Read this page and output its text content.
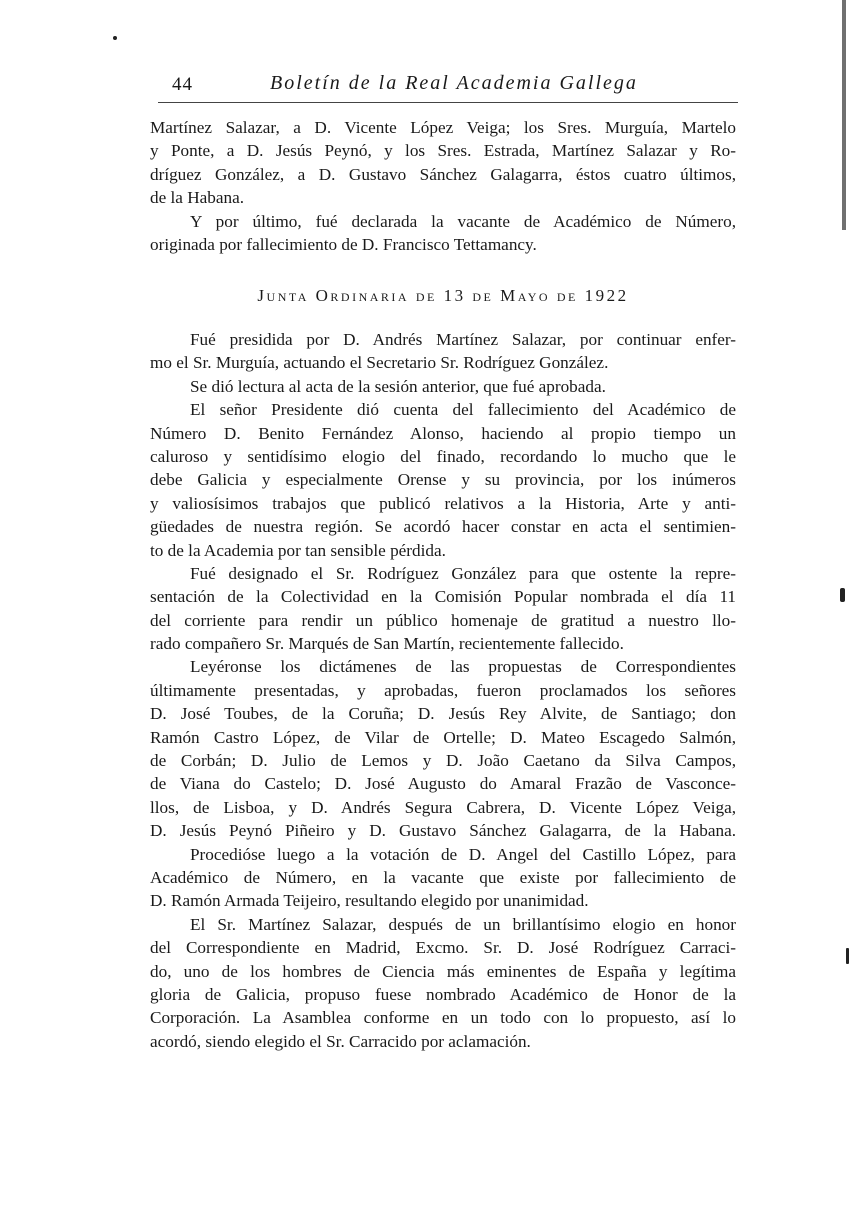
44	Boletín de la Real Academia Gallega
Martínez Salazar, a D. Vicente López Veiga; los Sres. Murguía, Martelo
y Ponte, a D. Jesús Peynó, y los Sres. Estrada, Martínez Salazar y Ro-
dríguez González, a D. Gustavo Sánchez Galagarra, éstos cuatro últimos,
de la Habana.
Y por último, fué declarada la vacante de Académico de Número,
originada por fallecimiento de D. Francisco Tettamancy.
Junta Ordinaria de 13 de Mayo de 1922
Fué presidida por D. Andrés Martínez Salazar, por continuar enfer-
mo el Sr. Murguía, actuando el Secretario Sr. Rodríguez González.
Se dió lectura al acta de la sesión anterior, que fué aprobada.
El señor Presidente dió cuenta del fallecimiento del Académico de
Número D. Benito Fernández Alonso, haciendo al propio tiempo un
caluroso y sentidísimo elogio del finado, recordando lo mucho que le
debe Galicia y especialmente Orense y su provincia, por los inúmeros
y valiosísimos trabajos que publicó relativos a la Historia, Arte y anti-
güedades de nuestra región. Se acordó hacer constar en acta el sentimien-
to de la Academia por tan sensible pérdida.
Fué designado el Sr. Rodríguez González para que ostente la repre-
sentación de la Colectividad en la Comisión Popular nombrada el día 11
del corriente para rendir un público homenaje de gratitud a nuestro llo-
rado compañero Sr. Marqués de San Martín, recientemente fallecido.
Leyéronse los dictámenes de las propuestas de Correspondientes
últimamente presentadas, y aprobadas, fueron proclamados los señores
D. José Toubes, de la Coruña; D. Jesús Rey Alvite, de Santiago; don
Ramón Castro López, de Vilar de Ortelle; D. Mateo Escagedo Salmón,
de Corbán; D. Julio de Lemos y D. João Caetano da Silva Campos,
de Viana do Castelo; D. José Augusto do Amaral Frazão de Vasconce-
llos, de Lisboa, y D. Andrés Segura Cabrera, D. Vicente López Veiga,
D. Jesús Peynó Piñeiro y D. Gustavo Sánchez Galagarra, de la Habana.
Procedióse luego a la votación de D. Angel del Castillo López, para
Académico de Número, en la vacante que existe por fallecimiento de
D. Ramón Armada Teijeiro, resultando elegido por unanimidad.
El Sr. Martínez Salazar, después de un brillantísimo elogio en honor
del Correspondiente en Madrid, Excmo. Sr. D. José Rodríguez Carraci-
do, uno de los hombres de Ciencia más eminentes de España y legítima
gloria de Galicia, propuso fuese nombrado Académico de Honor de la
Corporación. La Asamblea conforme en un todo con lo propuesto, así lo
acordó, siendo elegido el Sr. Carracido por aclamación.
